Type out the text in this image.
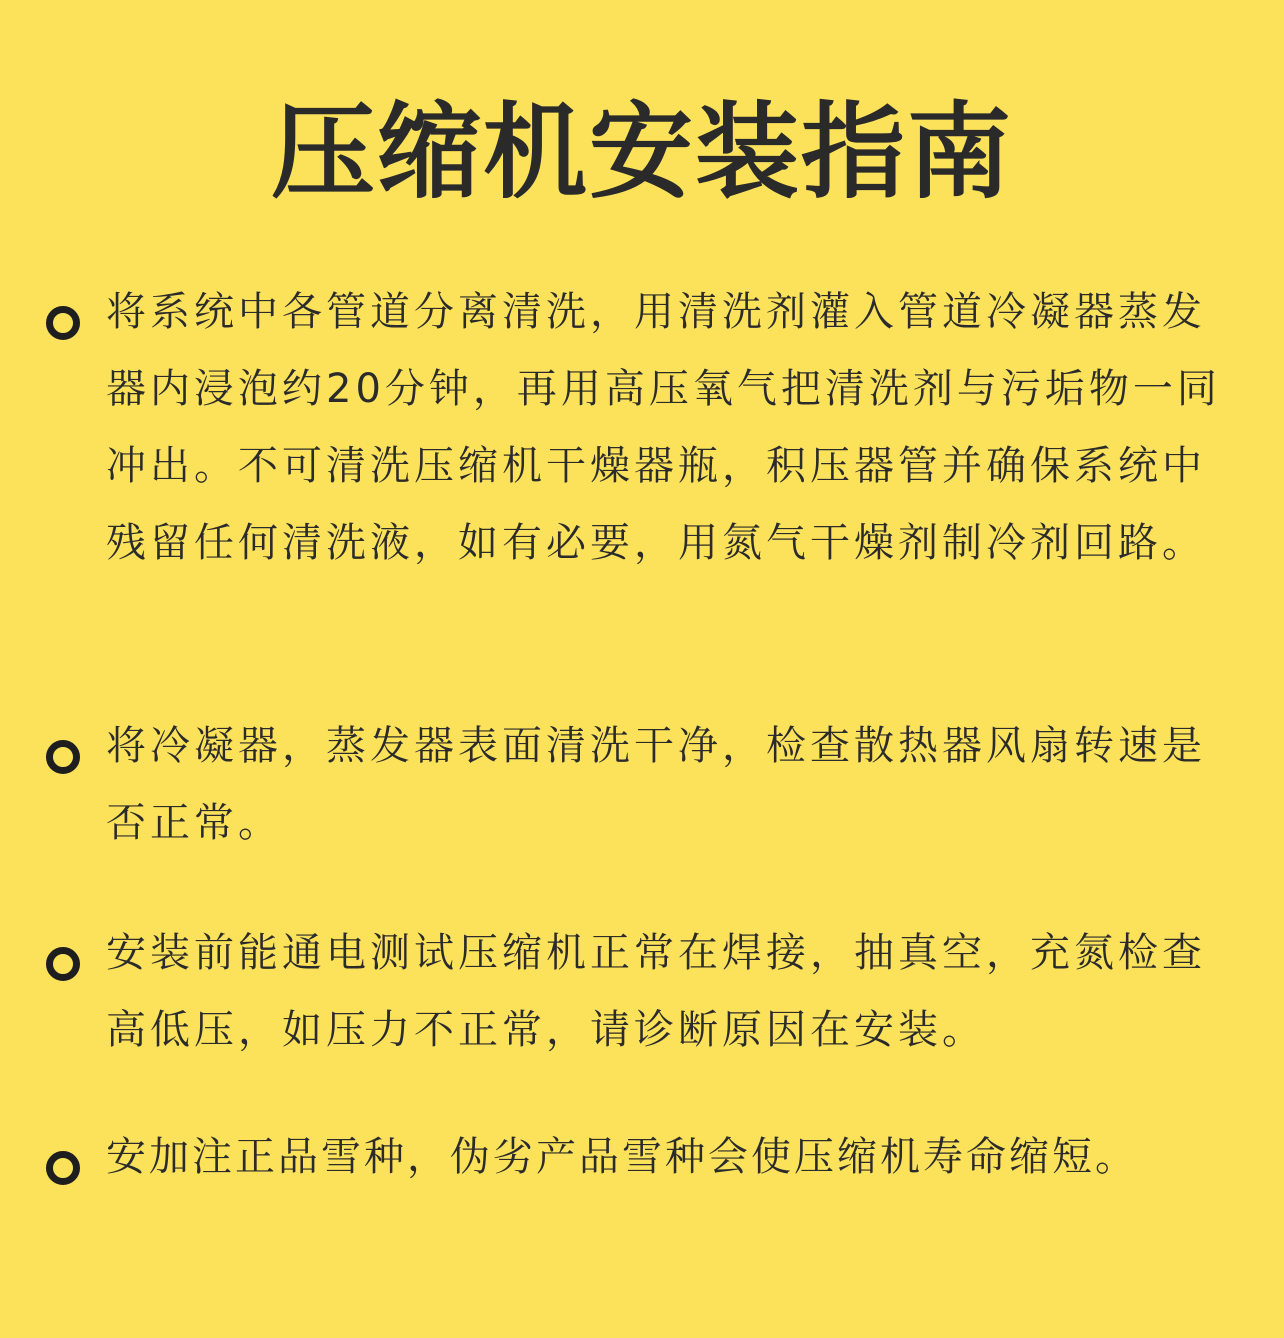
压缩机安装指南
将系统中各管道分离清洗，用清洗剂灌入管道冷凝器蒸发器内浸泡约20分钟，再用高压氧气把清洗剂与污垢物一同冲出。不可清洗压缩机干燥器瓶，积压器管并确保系统中残留任何清洗液，如有必要，用氮气干燥剂制冷剂回路。
将冷凝器，蒸发器表面清洗干净，检查散热器风扇转速是否正常。
安装前能通电测试压缩机正常在焊接，抽真空，充氮检查高低压，如压力不正常，请诊断原因在安装。
安加注正品雪种，伪劣产品雪种会使压缩机寿命缩短。
